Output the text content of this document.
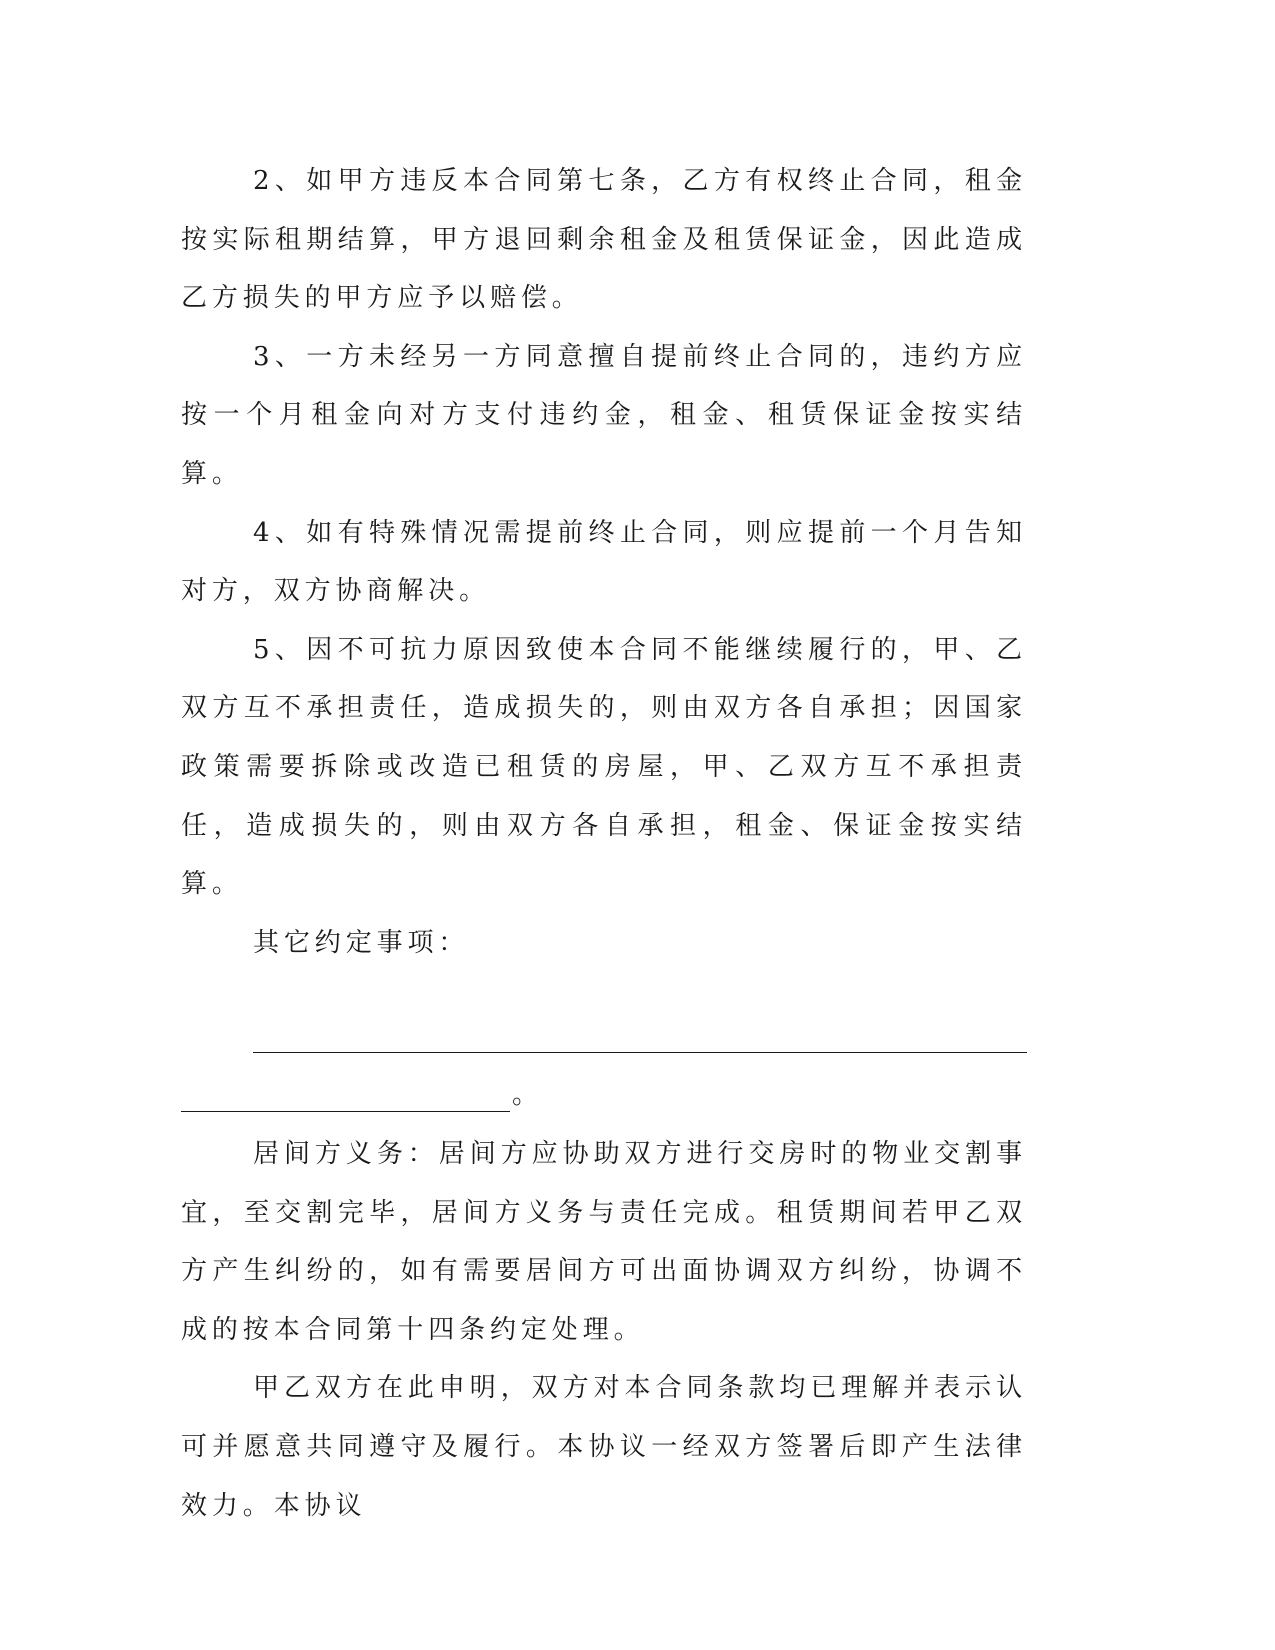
2、如甲方违反本合同第七条，乙方有权终止合同，租金按实际租期结算，甲方退回剩余租金及租赁保证金，因此造成乙方损失的甲方应予以赔偿。

3、一方未经另一方同意擅自提前终止合同的，违约方应按一个月租金向对方支付违约金，租金、租赁保证金按实结算。

4、如有特殊情况需提前终止合同，则应提前一个月告知对方，双方协商解决。

5、因不可抗力原因致使本合同不能继续履行的，甲、乙双方互不承担责任，造成损失的，则由双方各自承担；因国家政策需要拆除或改造已租赁的房屋，甲、乙双方互不承担责任，造成损失的，则由双方各自承担，租金、保证金按实结算。

其它约定事项：

。

居间方义务：居间方应协助双方进行交房时的物业交割事宜，至交割完毕，居间方义务与责任完成。租赁期间若甲乙双方产生纠纷的，如有需要居间方可出面协调双方纠纷，协调不成的按本合同第十四条约定处理。

甲乙双方在此申明，双方对本合同条款均已理解并表示认可并愿意共同遵守及履行。本协议一经双方签署后即产生法律效力。本协议
